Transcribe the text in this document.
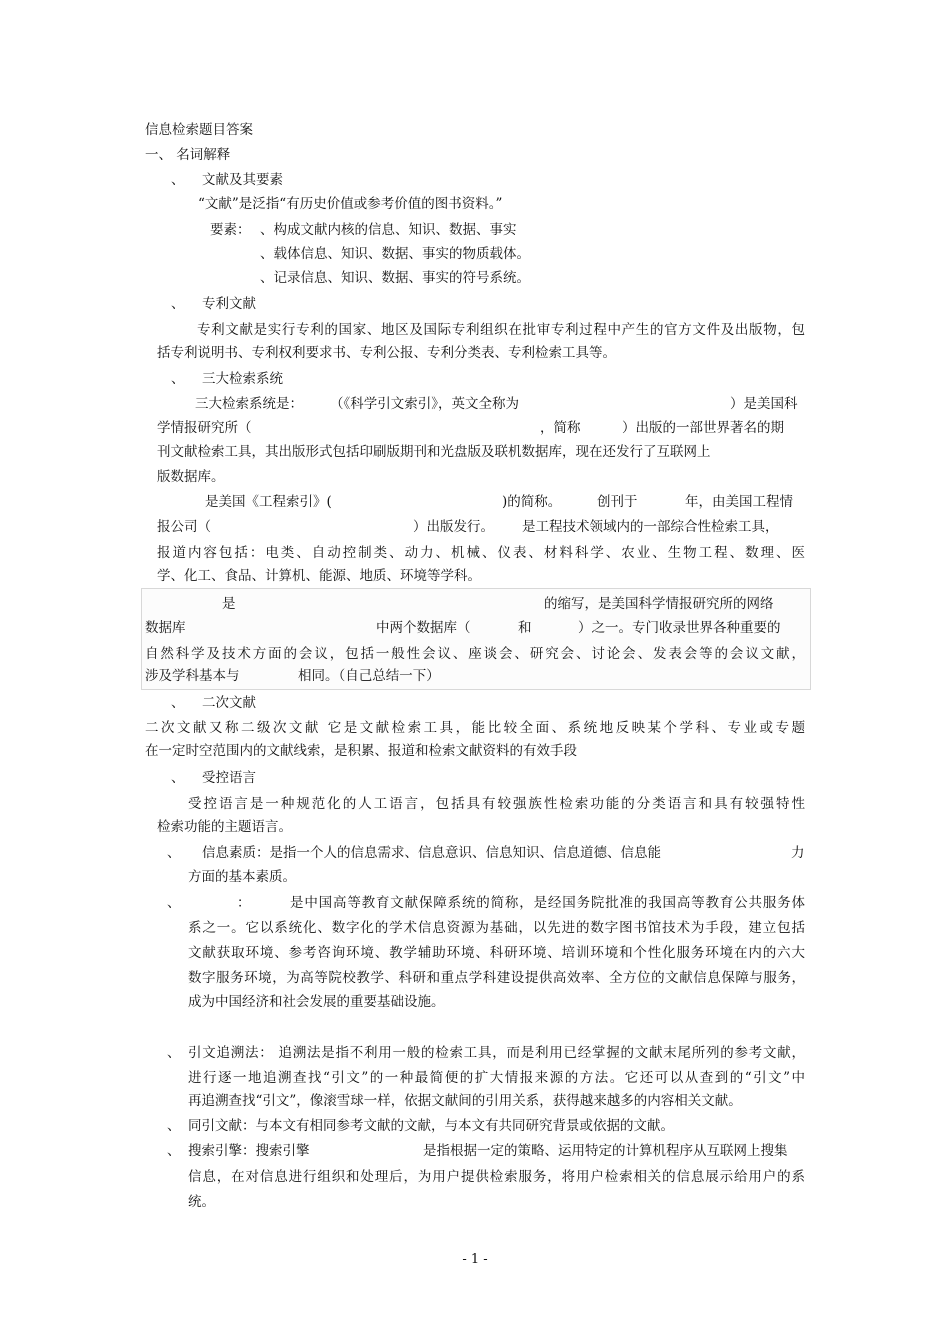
信息检索题目答案
一、 名词解释
、 文献及其要素
“文献”是泛指“有历史价值或参考价值的图书资料。”
要素： 、构成文献内核的信息、知识、数据、事实
、载体信息、知识、数据、事实的物质载体。
、记录信息、知识、数据、事实的符号系统。
、 专利文献
专利文献是实行专利的国家、地区及国际专利组织在批审专利过程中产生的官方文件及出版物，包
括专利说明书、专利权利要求书、专利公报、专利分类表、专利检索工具等。
、 三大检索系统
三大检索系统是： （《科学引文索引》，英文全称为	）是美国科
学情报研究所（	，简称	）出版的一部世界著名的期
刊文献检索工具，其出版形式包括印刷版期刊和光盘版及联机数据库，现在还发行了互联网上
版数据库。
是美国《工程索引》(	)的简称。	创刊于	年，由美国工程情
报公司（	）出版发行。 是工程技术领域内的一部综合性检索工具，
报道内容包括：电类、自动控制类、动力、机械、仪表、材料科学、农业、生物工程、数理、医
学、化工、食品、计算机、能源、地质、环境等学科。
是	的缩写，是美国科学情报研究所的网络
数据库	中两个数据库（	和	）之一。专门收录世界各种重要的
自然科学及技术方面的会议，包括一般性会议、座谈会、研究会、讨论会、发表会等的会议文献，
涉及学科基本与	相同。（自己总结一下）
、 二次文献
二次文献又称二级次文献 它是文献检索工具，能比较全面、系统地反映某个学科、专业或专题
在一定时空范围内的文献线索，是积累、报道和检索文献资料的有效手段
、 受控语言
受控语言是一种规范化的人工语言，包括具有较强族性检索功能的分类语言和具有较强特性
检索功能的主题语言。
、 信息素质：是指一个人的信息需求、信息意识、信息知识、信息道德、信息能	力
方面的基本素质。
、	：	是中国高等教育文献保障系统的简称，是经国务院批准的我国高等教育公共服务体
系之一。它以系统化、数字化的学术信息资源为基础，以先进的数字图书馆技术为手段，建立包括
文献获取环境、参考咨询环境、教学辅助环境、科研环境、培训环境和个性化服务环境在内的六大
数字服务环境，为高等院校教学、科研和重点学科建设提供高效率、全方位的文献信息保障与服务，
成为中国经济和社会发展的重要基础设施。
、 引文追溯法： 追溯法是指不利用一般的检索工具，而是利用已经掌握的文献末尾所列的参考文献，
进行逐一地追溯查找“引文”的一种最简便的扩大情报来源的方法。它还可以从查到的“引文”中
再追溯查找“引文”，像滚雪球一样，依据文献间的引用关系，获得越来越多的内容相关文献。
、 同引文献：与本文有相同参考文献的文献，与本文有共同研究背景或依据的文献。
、 搜索引擎：搜索引擎	是指根据一定的策略、运用特定的计算机程序从互联网上搜集
信息，在对信息进行组织和处理后，为用户提供检索服务，将用户检索相关的信息展示给用户的系
统。
- 1 -
